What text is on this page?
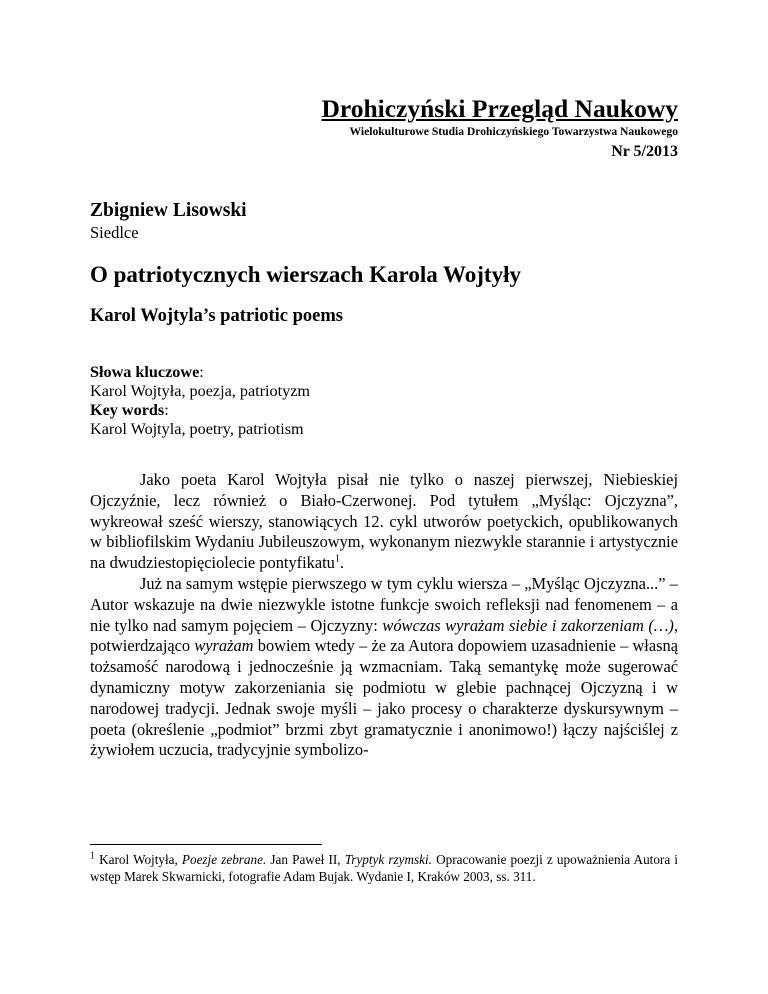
Drohiczyński Przegląd Naukowy
Wielokulturowe Studia Drohiczyńskiego Towarzystwa Naukowego
Nr 5/2013
Zbigniew Lisowski
Siedlce
O patriotycznych wierszach Karola Wojtyły
Karol Wojtyla’s patriotic poems
Słowa kluczowe:
Karol Wojtyła, poezja, patriotyzm
Key words:
Karol Wojtyla, poetry, patriotism

Jako poeta Karol Wojtyła pisał nie tylko o naszej pierwszej, Niebieskiej Ojczyźnie, lecz również o Biało-Czerwonej. Pod tytułem „Myśląc: Ojczyzna”, wykreował sześć wierszy, stanowiących 12. cykl utworów poetyckich, opublikowanych w bibliofilskim Wydaniu Jubileuszowym, wykonanym niezwykle starannie i artystycznie na dwudziestopięciolecie pontyfikatu$^1$.

Już na samym wstępie pierwszego w tym cyklu wiersza – „Myśląc Ojczyzna...” – Autor wskazuje na dwie niezwykle istotne funkcje swoich refleksji nad fenomenem – a nie tylko nad samym pojęciem – Ojczyzny: wówczas wyrażam siebie i zakorzeniam (…), potwierdzająco wyrażam bowiem wtedy – że za Autora dopowiem uzasadnienie – własną tożsamość narodową i jednocześnie ją wzmacniam. Taką semantykę może sugerować dynamiczny motyw zakorzeniania się podmiotu w glebie pachnącej Ojczyzną i w narodowej tradycji. Jednak swoje myśli – jako procesy o charakterze dyskursywnym – poeta (określenie „podmiot” brzmi zbyt gramatycznie i anonimowo!) łączy najściślej z żywiołem uczucia, tradycyjnie symbolizo-

$^1$ Karol Wojtyła, Poezje zebrane. Jan Paweł II, Tryptyk rzymski. Opracowanie poezji z upoważnienia Autora i wstęp Marek Skwarnicki, fotografie Adam Bujak. Wydanie I, Kraków 2003, ss. 311.
